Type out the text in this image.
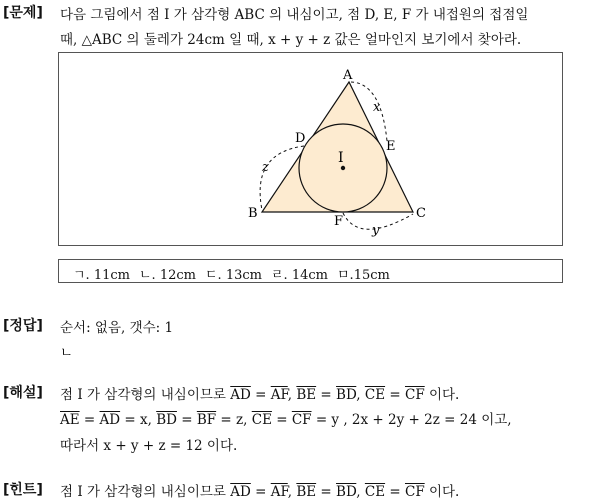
[문제] 다음 그림에서 점 I 가 삼각형 ABC 의 내심이고, 점 D, E, F 가 내접원의 접점일
때, △ABC 의 둘레가 24cm 일 때, x + y + z 값은 얼마인지 보기에서 찾아라.
A
B	C
D
E
F
I
x
z
y
ㄱ. 11cm ㄴ. 12cm ㄷ. 13cm ㄹ. 14cm ㅁ.15cm
[정답] 순서: 없음, 갯수: 1
ㄴ
[해설] 점 I 가 삼각형의 내심이므로 $\overline{AD} = \overline{AF}$, $\overline{BE} = \overline{BD}$, $\overline{CE} = \overline{CF}$ 이다.
$\overline{AE} = \overline{AD} = x$, $\overline{BD} = \overline{BF} = z$, $\overline{CE} = \overline{CF} = y$ , 2x + 2y + 2z = 24 이고,
따라서 x + y + z = 12 이다.
[힌트] 점 I 가 삼각형의 내심이므로 $\overline{AD} = \overline{AF}$, $\overline{BE} = \overline{BD}$, $\overline{CE} = \overline{CF}$ 이다.
